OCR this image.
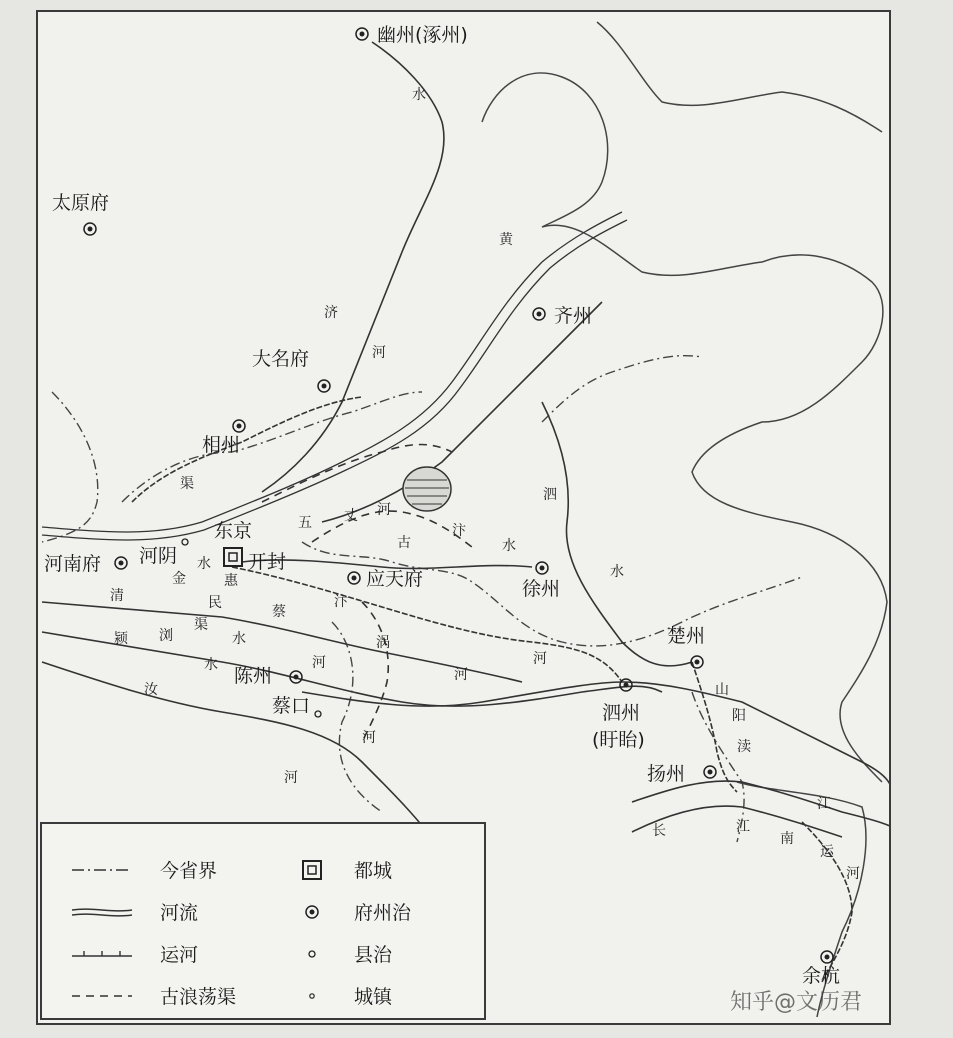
幽州(涿州)
太原府
齐州
大名府
相州
东京
开封
河南府 河阴
应天府	徐州
楚州
陈州
蔡口	泗州
(盱眙)
扬州
余杭
水
黄
济
河
渠
五 丈 河
古
汴
水
泗
水
金
水
惠
民
渠
蔡
清
浏
颍	水
水	河
汴
涡
河
河
汝
河
河
山
阳
渎
江
长	江
南
运
河
今省界
河流
运河
古浪荡渠
都城
府州治
县治
城镇	知乎@文历君
